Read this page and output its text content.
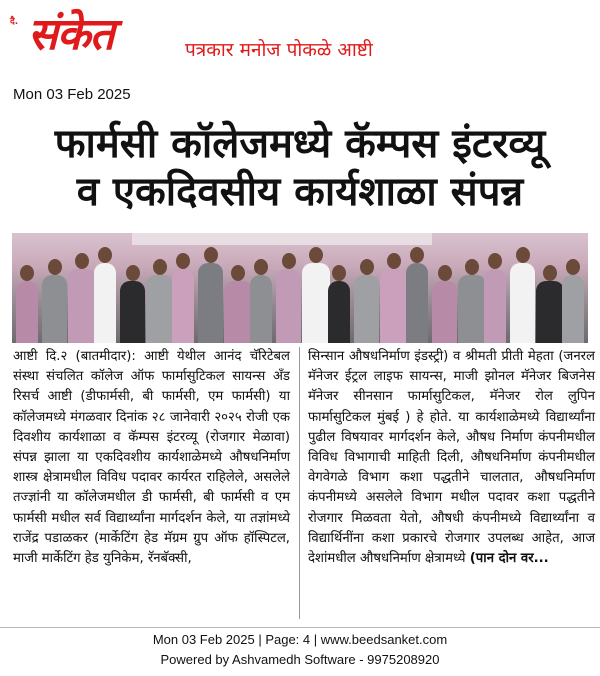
दै. संकेत	पत्रकार मनोज पोकळे आष्टी
Mon 03 Feb 2025
फार्मसी कॉलेजमध्ये कॅम्पस इंटरव्यू
व एकदिवसीय कार्यशाळा संपन्न
आष्टी दि.२ (बातमीदार): आष्टी येथील आनंद चॅरिटेबल संस्था संचलित कॉलेज ऑफ फार्मासुटिकल सायन्स अँड रिसर्च आष्टी (डीफार्मसी, बी फार्मसी, एम फार्मसी) या कॉलेजमध्ये मंगळवार दिनांक २८ जानेवारी २०२५ रोजी एक दिवशीय कार्यशाळा व कॅम्पस इंटरव्यू (रोजगार मेळावा) संपन्न झाला या एकदिवशीय कार्यशाळेमध्ये औषधनिर्माण शास्त्र क्षेत्रामधील विविध पदावर कार्यरत राहिलेले, असलेले तज्ज्ञांनी या कॉलेजमधील डी फार्मसी, बी फार्मसी व एम फार्मसी मधील सर्व विद्यार्थ्यांना मार्गदर्शन केले, या तज्ञांमध्ये राजेंद्र पडाळकर (मार्केटिंग हेड मॅग्रम ग्रुप ऑफ हॉस्पिटल, माजी मार्केटिंग हेड युनिकेम, रॅनबॅक्सी,
सिन्सान औषधनिर्माण इंडस्ट्री) व श्रीमती प्रीती मेहता (जनरल मॅनेजर ईट्रल लाइफ सायन्स, माजी झोनल मॅनेजर बिजनेस मॅनेजर सीनसान फार्मासुटिकल, मॅनेजर रोल लुपिन फार्मासुटिकल मुंबई ) हे होते. या कार्यशाळेमध्ये विद्यार्थ्यांना पुढील विषयावर मार्गदर्शन केले, औषध निर्माण कंपनीमधील विविध विभागाची माहिती दिली, औषधनिर्माण कंपनीमधील वेगवेगळे विभाग कशा पद्धतीने चालतात, औषधनिर्माण कंपनीमध्ये असलेले विभाग मधील पदावर कशा पद्धतीने रोजगार मिळवता येतो, औषधी कंपनीमध्ये विद्यार्थ्यांना व विद्यार्थिनींना कशा प्रकारचे रोजगार उपलब्ध आहेत, आज देशांमधील औषधनिर्माण क्षेत्रामध्ये (पान दोन वर...
Mon 03 Feb 2025 | Page: 4 | www.beedsanket.com
Powered by Ashvamedh Software - 9975208920
